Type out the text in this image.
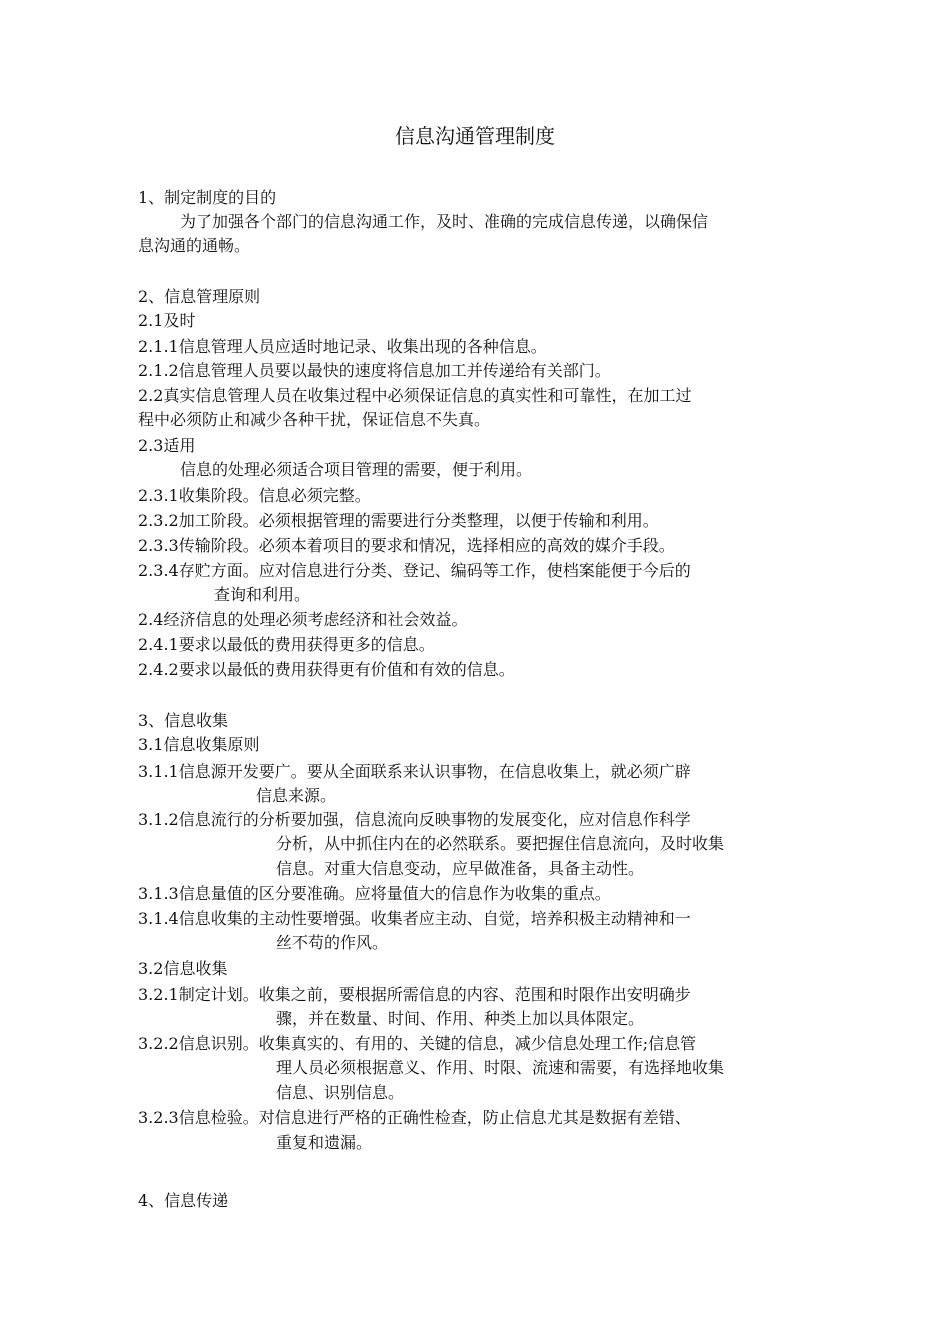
信息沟通管理制度
1、制定制度的目的
为了加强各个部门的信息沟通工作，及时、准确的完成信息传递，以确保信
息沟通的通畅。
2、信息管理原则
2.1及时
2.1.1信息管理人员应适时地记录、收集出现的各种信息。
2.1.2信息管理人员要以最快的速度将信息加工并传递给有关部门。
2.2真实信息管理人员在收集过程中必须保证信息的真实性和可靠性，在加工过
程中必须防止和减少各种干扰，保证信息不失真。
2.3适用
信息的处理必须适合项目管理的需要，便于利用。
2.3.1收集阶段。信息必须完整。
2.3.2加工阶段。必须根据管理的需要进行分类整理，以便于传输和利用。
2.3.3传输阶段。必须本着项目的要求和情况，选择相应的高效的媒介手段。
2.3.4存贮方面。应对信息进行分类、登记、编码等工作，使档案能便于今后的
查询和利用。
2.4经济信息的处理必须考虑经济和社会效益。
2.4.1要求以最低的费用获得更多的信息。
2.4.2要求以最低的费用获得更有价值和有效的信息。
3、信息收集
3.1信息收集原则
3.1.1信息源开发要广。要从全面联系来认识事物，在信息收集上，就必须广辟
信息来源。
3.1.2信息流行的分析要加强，信息流向反映事物的发展变化，应对信息作科学
分析，从中抓住内在的必然联系。要把握住信息流向，及时收集
信息。对重大信息变动，应早做准备，具备主动性。
3.1.3信息量值的区分要准确。应将量值大的信息作为收集的重点。
3.1.4信息收集的主动性要增强。收集者应主动、自觉，培养积极主动精神和一
丝不苟的作风。
3.2信息收集
3.2.1制定计划。收集之前，要根据所需信息的内容、范围和时限作出安明确步
骤，并在数量、时间、作用、种类上加以具体限定。
3.2.2信息识别。收集真实的、有用的、关键的信息，减少信息处理工作;信息管
理人员必须根据意义、作用、时限、流速和需要，有选择地收集
信息、识别信息。
3.2.3信息检验。对信息进行严格的正确性检查，防止信息尤其是数据有差错、
重复和遗漏。
4、信息传递
